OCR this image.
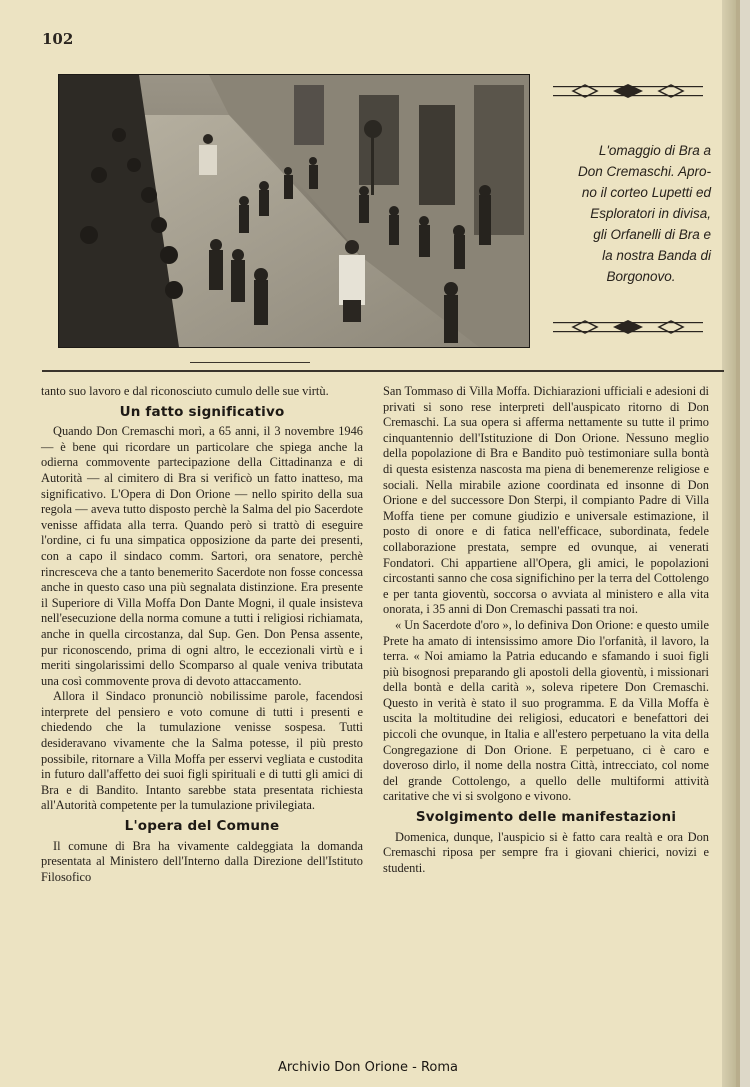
102
L'omaggio di Bra a
Don Cremaschi. Apro-
no il corteo Lupetti ed
Esploratori in divisa,
gli Orfanelli di Bra e
la nostra Banda di

Borgonovo.

tanto suo lavoro e dal riconosciuto cumulo delle sue virtù.

Un fatto significativo

Quando Don Cremaschi morì, a 65 anni, il 3 novembre 1946 — è bene qui ricordare un particolare che spiega anche la odierna commovente partecipazione della Cittadinanza e di Autorità — al cimitero di Bra si verificò un fatto inatteso, ma significativo. L'Opera di Don Orione — nello spirito della sua regola — aveva tutto disposto perchè la Salma del pio Sacerdote venisse affidata alla terra. Quando però si trattò di eseguire l'ordine, ci fu una simpatica opposizione da parte dei presenti, con a capo il sindaco comm. Sartori, ora senatore, perchè rincresceva che a tanto benemerito Sacerdote non fosse concessa anche in questo caso una più segnalata distinzione. Era presente il Superiore di Villa Moffa Don Dante Mogni, il quale insisteva nell'esecuzione della norma comune a tutti i religiosi richiamata, anche in quella circostanza, dal Sup. Gen. Don Pensa assente, pur riconoscendo, prima di ogni altro, le eccezionali virtù e i meriti singolarissimi dello Scomparso al quale veniva tributata una così commovente prova di devoto attaccamento.

Allora il Sindaco pronunciò nobilissime parole, facendosi interprete del pensiero e voto comune di tutti i presenti e chiedendo che la tumulazione venisse sospesa. Tutti desideravano vivamente che la Salma potesse, il più presto possibile, ritornare a Villa Moffa per esservi vegliata e custodita in futuro dall'affetto dei suoi figli spirituali e di tutti gli amici di Bra e di Bandito. Intanto sarebbe stata presentata richiesta all'Autorità competente per la tumulazione privilegiata.

L'opera del Comune

Il comune di Bra ha vivamente caldeggiata la domanda presentata al Ministero dell'Interno dalla Direzione dell'Istituto Filosofico

San Tommaso di Villa Moffa. Dichiarazioni ufficiali e adesioni di privati si sono rese interpreti dell'auspicato ritorno di Don Cremaschi. La sua opera si afferma nettamente su tutte il primo cinquantennio dell'Istituzione di Don Orione. Nessuno meglio della popolazione di Bra e Bandito può testimoniare sulla bontà di questa esistenza nascosta ma piena di benemerenze religiose e sociali. Nella mirabile azione coordinata ed insonne di Don Orione e del successore Don Sterpi, il compianto Padre di Villa Moffa tiene per comune giudizio e universale estimazione, il posto di onore e di fatica nell'efficace, subordinata, fedele collaborazione prestata, sempre ed ovunque, ai venerati Fondatori. Chi appartiene all'Opera, gli amici, le popolazioni circostanti sanno che cosa significhino per la terra del Cottolengo e per tanta gioventù, soccorsa o avviata al ministero e alla vita onorata, i 35 anni di Don Cremaschi passati tra noi.

« Un Sacerdote d'oro », lo definiva Don Orione: e questo umile Prete ha amato di intensissimo amore Dio l'orfanità, il lavoro, la terra. « Noi amiamo la Patria educando e sfamando i suoi figli più bisognosi preparando gli apostoli della gioventù, i missionari della bontà e della carità », soleva ripetere Don Cremaschi. Questo in verità è stato il suo programma. E da Villa Moffa è uscita la moltitudine dei religiosi, educatori e benefattori dei piccoli che ovunque, in Italia e all'estero perpetuano la vita della Congregazione di Don Orione. E perpetuano, ci è caro e doveroso dirlo, il nome della nostra Città, intrecciato, col nome del grande Cottolengo, a quello delle multiformi attività caritative che vi si svolgono e vivono.

Svolgimento delle manifestazioni

Domenica, dunque, l'auspicio si è fatto cara realtà e ora Don Cremaschi riposa per sempre fra i giovani chierici, novizi e studenti.

Archivio Don Orione - Roma
